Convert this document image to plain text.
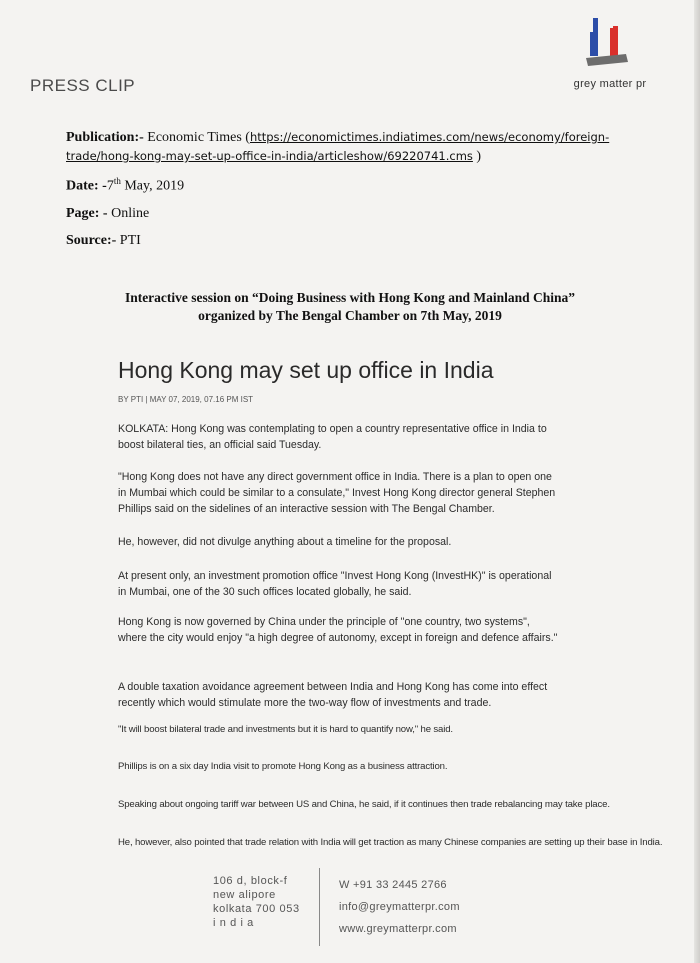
PRESS CLIP	grey matter pr
Publication:- Economic Times (https://economictimes.indiatimes.com/news/economy/foreign-
trade/hong-kong-may-set-up-office-in-india/articleshow/69220741.cms )
Date: -7th May, 2019
Page: - Online
Source:- PTI
Interactive session on “Doing Business with Hong Kong and Mainland China”
organized by The Bengal Chamber on 7th May, 2019
Hong Kong may set up office in India
BY PTI | MAY 07, 2019, 07.16 PM IST
KOLKATA: Hong Kong was contemplating to open a country representative office in India to boost bilateral ties, an official said Tuesday.
"Hong Kong does not have any direct government office in India. There is a plan to open one in Mumbai which could be similar to a consulate," Invest Hong Kong director general Stephen Phillips said on the sidelines of an interactive session with The Bengal Chamber.
He, however, did not divulge anything about a timeline for the proposal.
At present only, an investment promotion office "Invest Hong Kong (InvestHK)" is operational in Mumbai, one of the 30 such offices located globally, he said.
Hong Kong is now governed by China under the principle of "one country, two systems", where the city would enjoy "a high degree of autonomy, except in foreign and defence affairs."
A double taxation avoidance agreement between India and Hong Kong has come into effect recently which would stimulate more the two-way flow of investments and trade.
"It will boost bilateral trade and investments but it is hard to quantify now," he said.
Phillips is on a six day India visit to promote Hong Kong as a business attraction.
Speaking about ongoing tariff war between US and China, he said, if it continues then trade rebalancing may take place.
He, however, also pointed that trade relation with India will get traction as many Chinese companies are setting up their base in India.
106 d, block-f
new alipore
kolkata 700 053
i n d i a
W +91 33 2445 2766
info@greymatterpr.com
www.greymatterpr.com
